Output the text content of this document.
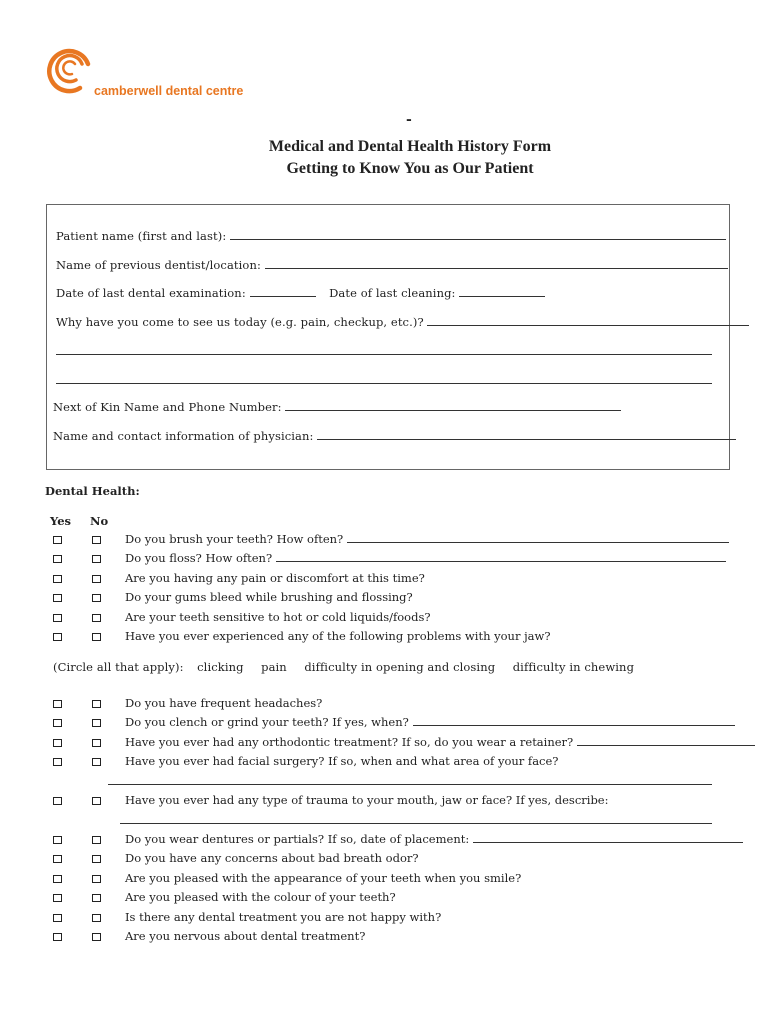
camberwell dental centre
-
Medical and Dental Health History Form
Getting to Know You as Our Patient
Patient name (first and last):
Name of previous dentist/location:
Date of last dental examination:	Date of last cleaning:
Why have you come to see us today (e.g. pain, checkup, etc.)?
Next of Kin Name and Phone Number:
Name and contact information of physician:
Dental Health:
Yes No
Do you brush your teeth? How often?
Do you floss? How often?
Are you having any pain or discomfort at this time?
Do your gums bleed while brushing and flossing?
Are your teeth sensitive to hot or cold liquids/foods?
Have you ever experienced any of the following problems with your jaw?
(Circle all that apply): clicking pain difficulty in opening and closing difficulty in chewing
Do you have frequent headaches?
Do you clench or grind your teeth? If yes, when?
Have you ever had any orthodontic treatment? If so, do you wear a retainer?
Have you ever had facial surgery? If so, when and what area of your face?
Have you ever had any type of trauma to your mouth, jaw or face? If yes, describe:
Do you wear dentures or partials? If so, date of placement:
Do you have any concerns about bad breath odor?
Are you pleased with the appearance of your teeth when you smile?
Are you pleased with the colour of your teeth?
Is there any dental treatment you are not happy with?
Are you nervous about dental treatment?
